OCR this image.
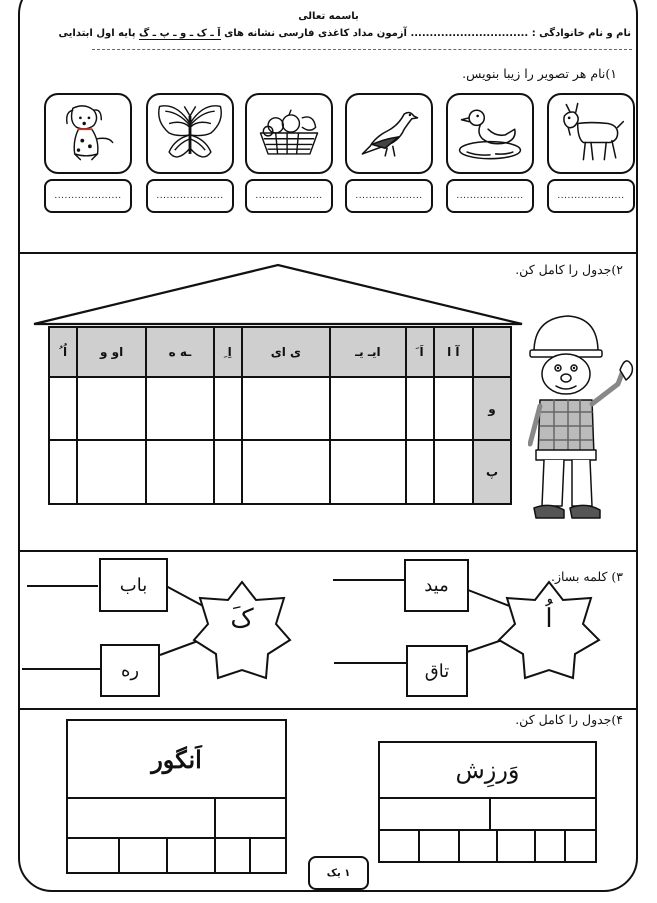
باسمه تعالی
نام و نام خانوادگی : ............................... آزمون مداد کاغذی فارسی نشانه های اَ ـ ک ـ و ـ پ ـ گ پایه اول ابتدایی
۱)نام هر تصویر را زیبا بنویس.
....................
....................
....................
....................
....................
....................
۲)جدول را کامل کن.
	آ ا	اَ َ	ایـ یـ	ی ای	اِ ِ	ـه ه	او و	اُ ُ
و								
پ								
۳) کلمه بساز.
مید
تاق
اُ
باب
ره
کَ
۴)جدول را کامل کن.
وَرزِش
اَنگور
۱ یک
